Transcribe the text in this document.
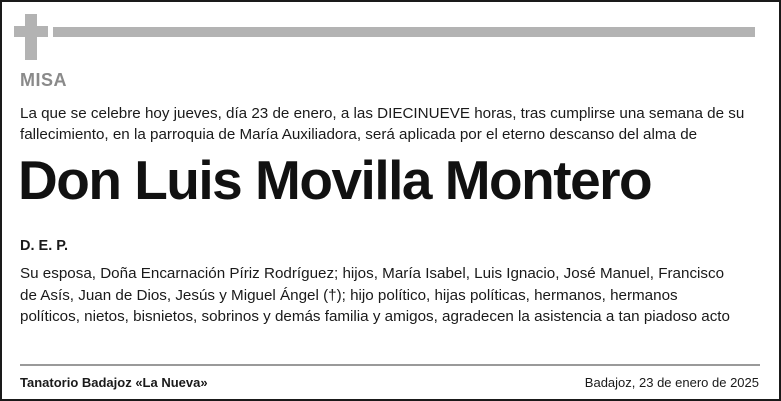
MISA
La que se celebre hoy jueves, día 23 de enero, a las DIECINUEVE horas, tras cumplirse una semana de su fallecimiento, en la parroquia de María Auxiliadora, será aplicada por el eterno descanso del alma de
Don Luis Movilla Montero
D. E. P.
Su esposa, Doña Encarnación Píriz Rodríguez; hijos, María Isabel, Luis Ignacio, José Manuel, Francisco de Asís, Juan de Dios, Jesús y Miguel Ángel (†); hijo político, hijas políticas, hermanos, hermanos políticos, nietos, bisnietos, sobrinos y demás familia y amigos, agradecen la asistencia a tan piadoso acto
Tanatorio Badajoz «La Nueva»	Badajoz, 23 de enero de 2025
